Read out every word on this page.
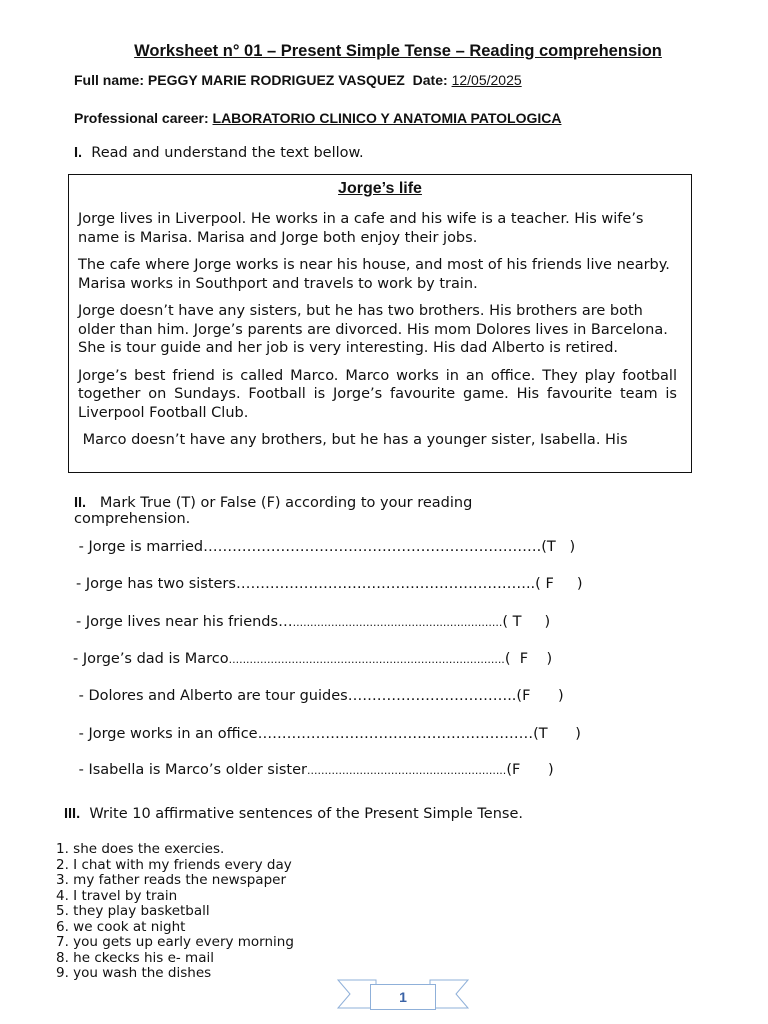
Worksheet n° 01 – Present Simple Tense – Reading comprehension
Full name: PEGGY MARIE RODRIGUEZ VASQUEZ Date: 12/05/2025
Professional career: LABORATORIO CLINICO Y ANATOMIA PATOLOGICA
I. Read and understand the text bellow.
Jorge’s life

Jorge lives in Liverpool. He works in a cafe and his wife is a teacher. His wife’s name is Marisa. Marisa and Jorge both enjoy their jobs.

The cafe where Jorge works is near his house, and most of his friends live nearby. Marisa works in Southport and travels to work by train.

Jorge doesn’t have any sisters, but he has two brothers. His brothers are both older than him. Jorge’s parents are divorced. His mom Dolores lives in Barcelona. She is tour guide and her job is very interesting. His dad Alberto is retired.

Jorge’s best friend is called Marco. Marco works in an office. They play football together on Sundays. Football is Jorge’s favourite game. His favourite team is Liverpool Football Club.

Marco doesn’t have any brothers, but he has a younger sister, Isabella. His

II. Mark True (T) or False (F) according to your reading comprehension.
- Jorge is married…………………………………………………………….(T   )
- Jorge has two sisters……………………………………………………..( F     )
- Jorge lives near his friends…............................................................( T     )
- Jorge’s dad is Marco...............................................................................(  F    )
- Dolores and Alberto are tour guides……………………………..(F      )
- Jorge works in an office…………………………………………………(T      )
- Isabella is Marco’s older sister.........................................................(F      )
III. Write 10 affirmative sentences of the Present Simple Tense.
1. she does the exercies.
2. I chat with my friends every day
3. my father reads the newspaper
4. I travel by train
5. they play basketball
6. we cook at night
7. you gets up early every morning
8. he ckecks his e- mail
9. you wash the dishes
1
